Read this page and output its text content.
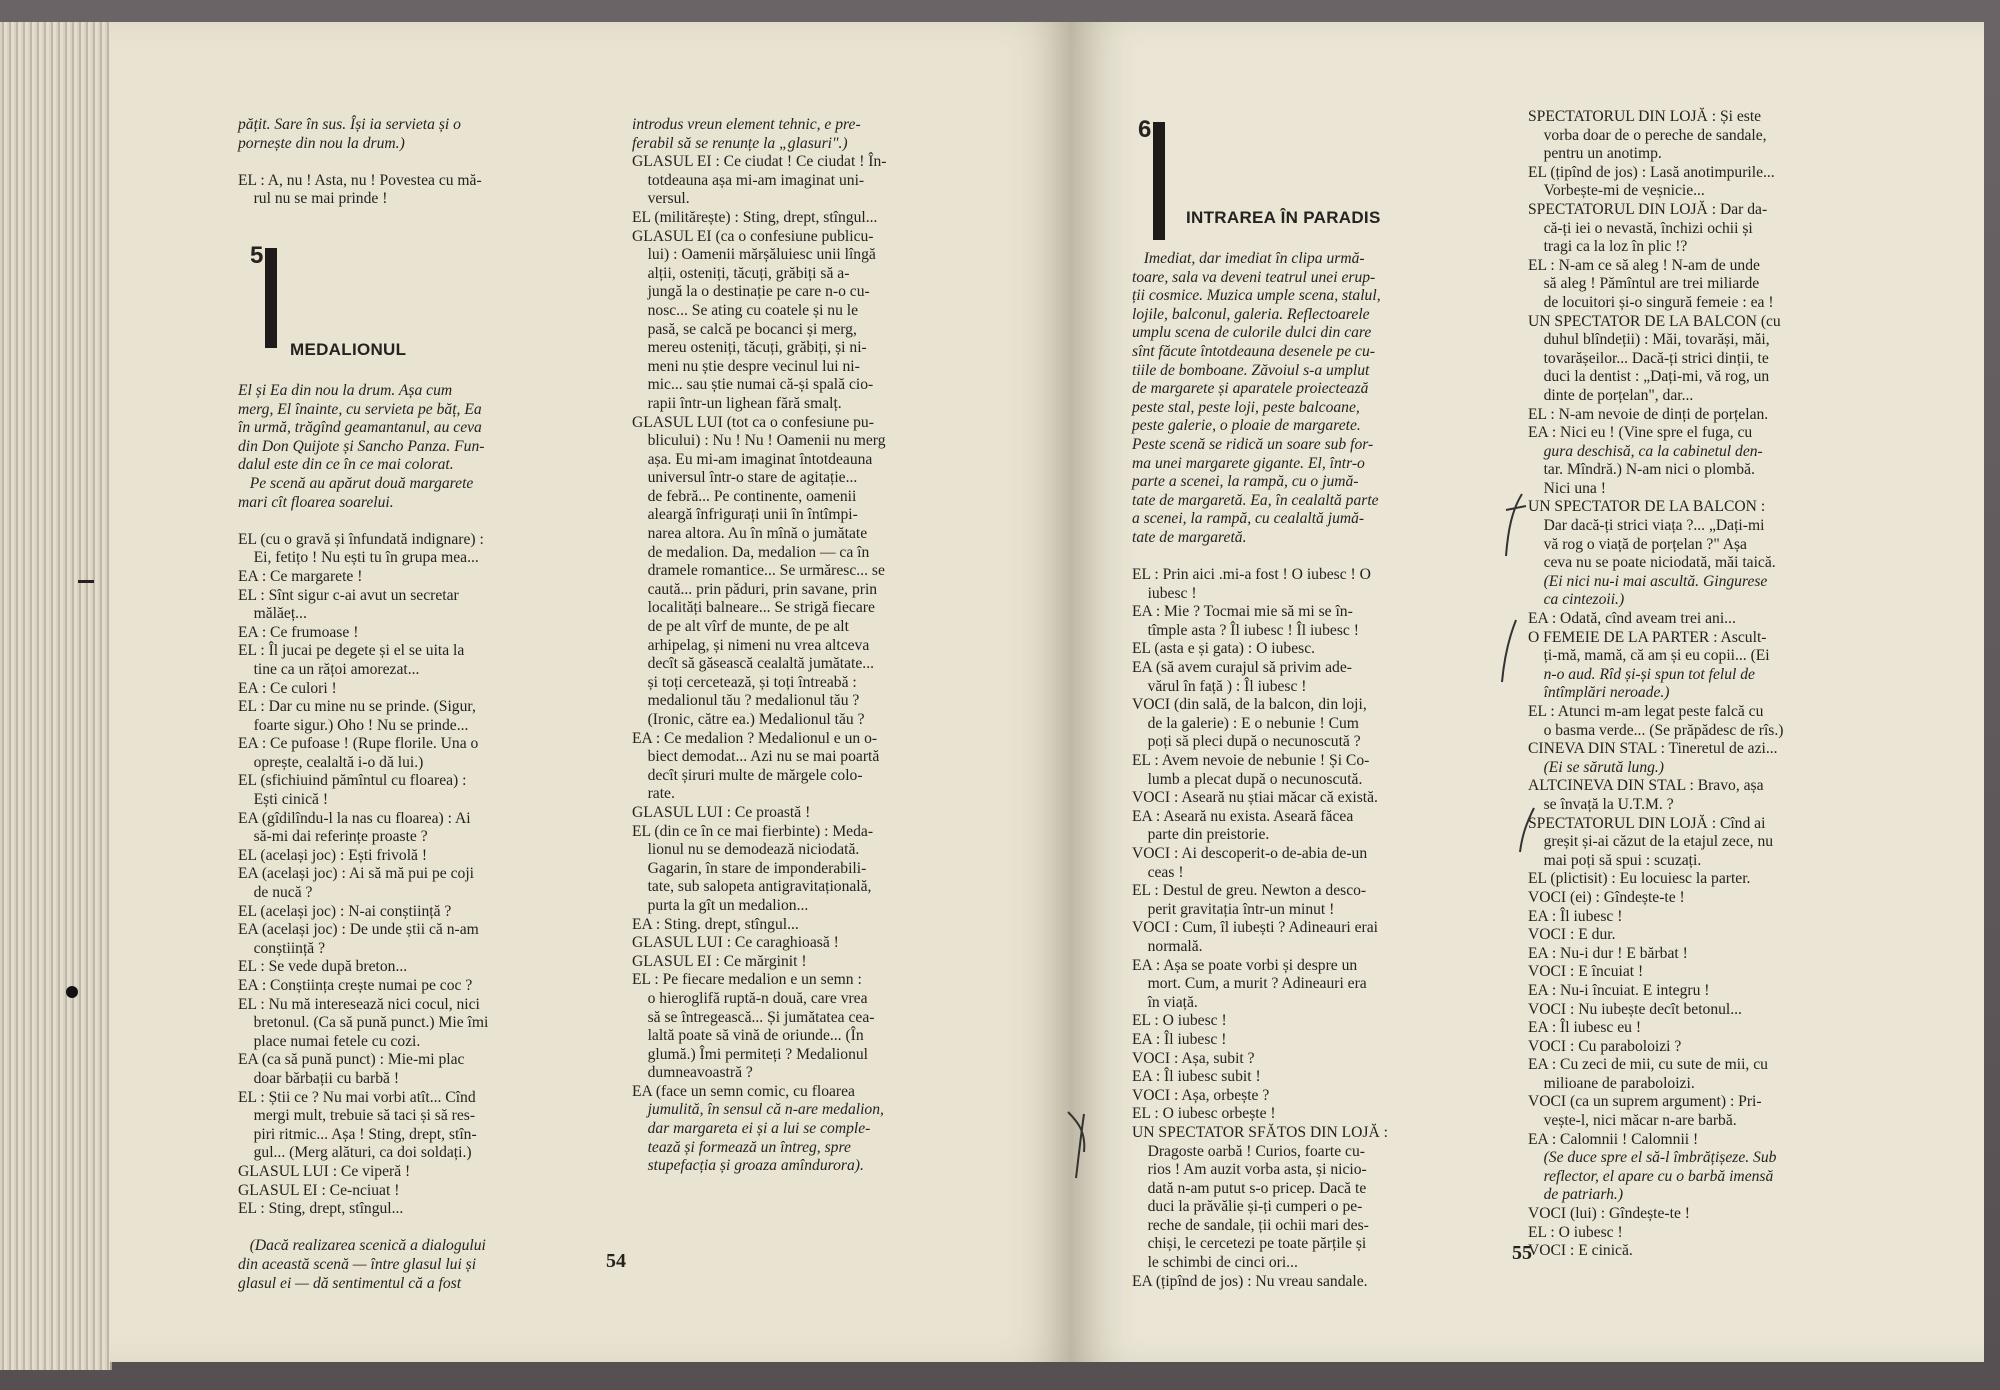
pățit. Sare în sus. Își ia servieta și o

pornește din nou la drum.)

EL : A, nu ! Asta, nu ! Povestea cu mă-

rul nu se mai prinde !

5
MEDALIONUL

El și Ea din nou la drum. Așa cum

merg, El înainte, cu servieta pe băț, Ea

în urmă, trăgînd geamantanul, au ceva

din Don Quijote și Sancho Panza. Fun-

dalul este din ce în ce mai colorat.

Pe scenă au apărut două margarete

mari cît floarea soarelui.

EL (cu o gravă și înfundată indignare) :

Ei, fetițo ! Nu ești tu în grupa mea...

EA : Ce margarete !

EL : Sînt sigur c-ai avut un secretar

mălăeț...

EA : Ce frumoase !

EL : Îl jucai pe degete și el se uita la

tine ca un rățoi amorezat...

EA : Ce culori !

EL : Dar cu mine nu se prinde. (Sigur,

foarte sigur.) Oho ! Nu se prinde...

EA : Ce pufoase ! (Rupe florile. Una o

oprește, cealaltă i-o dă lui.)

EL (sfichiuind pămîntul cu floarea) :

Ești cinică !

EA (gîdilîndu-l la nas cu floarea) : Ai

să-mi dai referințe proaste ?

EL (același joc) : Ești frivolă !

EA (același joc) : Ai să mă pui pe coji

de nucă ?

EL (același joc) : N-ai conștiință ?

EA (același joc) : De unde știi că n-am

conștiință ?

EL : Se vede după breton...

EA : Conștiința crește numai pe coc ?

EL : Nu mă interesează nici cocul, nici

bretonul. (Ca să pună punct.) Mie îmi

place numai fetele cu cozi.

EA (ca să pună punct) : Mie-mi plac

doar bărbații cu barbă !

EL : Știi ce ? Nu mai vorbi atît... Cînd

mergi mult, trebuie să taci și să res-

piri ritmic... Așa ! Sting, drept, stîn-

gul... (Merg alături, ca doi soldați.)

GLASUL LUI : Ce viperă !

GLASUL EI : Ce-nciuat !

EL : Sting, drept, stîngul...

(Dacă realizarea scenică a dialogului

din această scenă — între glasul lui și

glasul ei — dă sentimentul că a fost

introdus vreun element tehnic, e pre-

ferabil să se renunțe la „glasuri".)

GLASUL EI : Ce ciudat ! Ce ciudat ! În-

totdeauna așa mi-am imaginat uni-

versul.

EL (militărește) : Sting, drept, stîngul...

GLASUL EI (ca o confesiune publicu-

lui) : Oamenii mărșăluiesc unii lîngă

alții, osteniți, tăcuți, grăbiți să a-

jungă la o destinație pe care n-o cu-

nosc... Se ating cu coatele și nu le

pasă, se calcă pe bocanci și merg,

mereu osteniți, tăcuți, grăbiți, și ni-

meni nu știe despre vecinul lui ni-

mic... sau știe numai că-și spală cio-

rapii într-un lighean fără smalț.

GLASUL LUI (tot ca o confesiune pu-

blicului) : Nu ! Nu ! Oamenii nu merg

așa. Eu mi-am imaginat întotdeauna

universul într-o stare de agitație...

de febră... Pe continente, oamenii

aleargă înfrigurați unii în întîmpi-

narea altora. Au în mînă o jumătate

de medalion. Da, medalion — ca în

dramele romantice... Se urmăresc... se

caută... prin păduri, prin savane, prin

localități balneare... Se strigă fiecare

de pe alt vîrf de munte, de pe alt

arhipelag, și nimeni nu vrea altceva

decît să găsească cealaltă jumătate...

și toți cercetează, și toți întreabă :

medalionul tău ? medalionul tău ?

(Ironic, către ea.) Medalionul tău ?

EA : Ce medalion ? Medalionul e un o-

biect demodat... Azi nu se mai poartă

decît șiruri multe de mărgele colo-

rate.

GLASUL LUI : Ce proastă !

EL (din ce în ce mai fierbinte) : Meda-

lionul nu se demodează niciodată.

Gagarin, în stare de imponderabili-

tate, sub salopeta antigravitațională,

purta la gît un medalion...

EA : Sting. drept, stîngul...

GLASUL LUI : Ce caraghioasă !

GLASUL EI : Ce mărginit !

EL : Pe fiecare medalion e un semn :

o hieroglifă ruptă-n două, care vrea

să se întregească... Și jumătatea cea-

laltă poate să vină de oriunde... (În

glumă.) Îmi permiteți ? Medalionul

dumneavoastră ?

EA (face un semn comic, cu floarea

jumulită, în sensul că n-are medalion,

dar margareta ei și a lui se comple-

tează și formează un întreg, spre

stupefacția și groaza amîndurora).

54
6
INTRAREA ÎN PARADIS

Imediat, dar imediat în clipa urmă-

toare, sala va deveni teatrul unei erup-

ții cosmice. Muzica umple scena, stalul,

lojile, balconul, galeria. Reflectoarele

umplu scena de culorile dulci din care

sînt făcute întotdeauna desenele pe cu-

tiile de bomboane. Zăvoiul s-a umplut

de margarete și aparatele proiectează

peste stal, peste loji, peste balcoane,

peste galerie, o ploaie de margarete.

Peste scenă se ridică un soare sub for-

ma unei margarete gigante. El, într-o

parte a scenei, la rampă, cu o jumă-

tate de margaretă. Ea, în cealaltă parte

a scenei, la rampă, cu cealaltă jumă-

tate de margaretă.

EL : Prin aici .mi-a fost ! O iubesc ! O

iubesc !

EA : Mie ? Tocmai mie să mi se în-

tîmple asta ? Îl iubesc ! Îl iubesc !

EL (asta e și gata) : O iubesc.

EA (să avem curajul să privim ade-

vărul în față ) : Îl iubesc !

VOCI (din sală, de la balcon, din loji,

de la galerie) : E o nebunie ! Cum

poți să pleci după o necunoscută ?

EL : Avem nevoie de nebunie ! Și Co-

lumb a plecat după o necunoscută.

VOCI : Aseară nu știai măcar că există.

EA : Aseară nu exista. Aseară făcea

parte din preistorie.

VOCI : Ai descoperit-o de-abia de-un

ceas !

EL : Destul de greu. Newton a desco-

perit gravitația într-un minut !

VOCI : Cum, îl iubești ? Adineauri erai

normală.

EA : Așa se poate vorbi și despre un

mort. Cum, a murit ? Adineauri era

în viață.

EL : O iubesc !

EA : Îl iubesc !

VOCI : Așa, subit ?

EA : Îl iubesc subit !

VOCI : Așa, orbește ?

EL : O iubesc orbește !

UN SPECTATOR SFĂTOS DIN LOJĂ :

Dragoste oarbă ! Curios, foarte cu-

rios ! Am auzit vorba asta, și nicio-

dată n-am putut s-o pricep. Dacă te

duci la prăvălie și-ți cumperi o pe-

reche de sandale, ții ochii mari des-

chiși, le cercetezi pe toate părțile și

le schimbi de cinci ori...

EA (țipînd de jos) : Nu vreau sandale.

SPECTATORUL DIN LOJĂ : Și este

vorba doar de o pereche de sandale,

pentru un anotimp.

EL (țipînd de jos) : Lasă anotimpurile...

Vorbește-mi de veșnicie...

SPECTATORUL DIN LOJĂ : Dar da-

că-ți iei o nevastă, închizi ochii și

tragi ca la loz în plic !?

EL : N-am ce să aleg ! N-am de unde

să aleg ! Pămîntul are trei miliarde

de locuitori și-o singură femeie : ea !

UN SPECTATOR DE LA BALCON (cu

duhul blîndeții) : Măi, tovarăși, măi,

tovarășeilor... Dacă-ți strici dinții, te

duci la dentist : „Dați-mi, vă rog, un

dinte de porțelan", dar...

EL : N-am nevoie de dinți de porțelan.

EA : Nici eu ! (Vine spre el fuga, cu

gura deschisă, ca la cabinetul den-

tar. Mîndră.) N-am nici o plombă.

Nici una !

UN SPECTATOR DE LA BALCON :

Dar dacă-ți strici viața ?... „Dați-mi

vă rog o viață de porțelan ?" Așa

ceva nu se poate niciodată, măi taică.

(Ei nici nu-i mai ascultă. Gingurese

ca cintezoii.)

EA : Odată, cînd aveam trei ani...

O FEMEIE DE LA PARTER : Ascult-

ți-mă, mamă, că am și eu copii... (Ei

n-o aud. Rîd și-și spun tot felul de

întîmplări neroade.)

EL : Atunci m-am legat peste falcă cu

o basma verde... (Se prăpădesc de rîs.)

CINEVA DIN STAL : Tineretul de azi...

(Ei se sărută lung.)

ALTCINEVA DIN STAL : Bravo, așa

se învață la U.T.M. ?

SPECTATORUL DIN LOJĂ : Cînd ai

greșit și-ai căzut de la etajul zece, nu

mai poți să spui : scuzați.

EL (plictisit) : Eu locuiesc la parter.

VOCI (ei) : Gîndește-te !

EA : Îl iubesc !

VOCI : E dur.

EA : Nu-i dur ! E bărbat !

VOCI : E încuiat !

EA : Nu-i încuiat. E integru !

VOCI : Nu iubește decît betonul...

EA : Îl iubesc eu !

VOCI : Cu paraboloizi ?

EA : Cu zeci de mii, cu sute de mii, cu

milioane de paraboloizi.

VOCI (ca un suprem argument) : Pri-

vește-l, nici măcar n-are barbă.

EA : Calomnii ! Calomnii !

(Se duce spre el să-l îmbrățișeze. Sub

reflector, el apare cu o barbă imensă

de patriarh.)

VOCI (lui) : Gîndește-te !

EL : O iubesc !

VOCI : E cinică.

55
